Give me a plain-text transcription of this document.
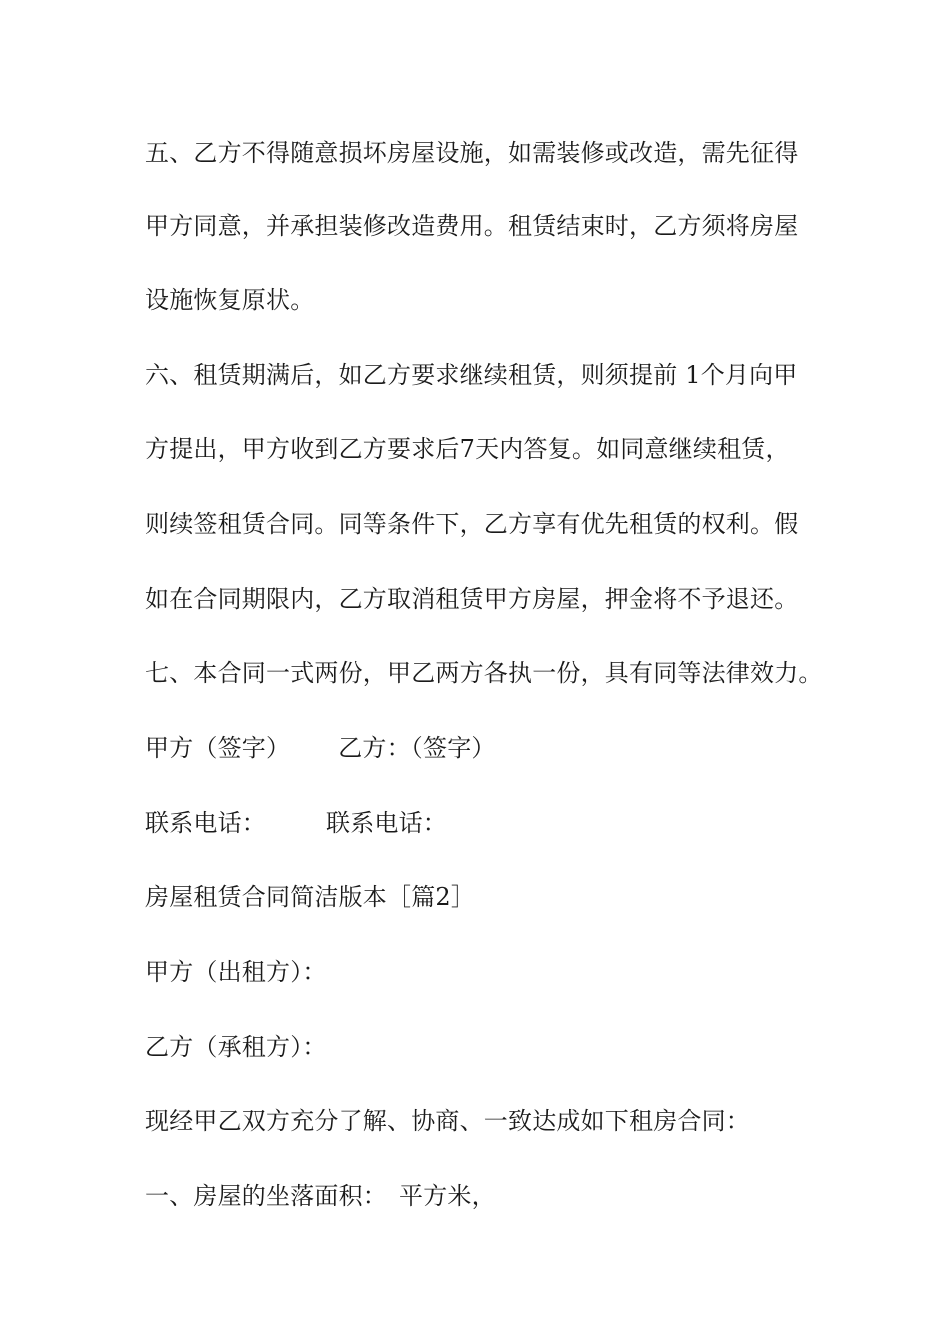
五、乙方不得随意损坏房屋设施，如需装修或改造，需先征得
甲方同意，并承担装修改造费用。租赁结束时，乙方须将房屋
设施恢复原状。
六、租赁期满后，如乙方要求继续租赁，则须提前 1个月向甲
方提出，甲方收到乙方要求后7天内答复。如同意继续租赁，
则续签租赁合同。同等条件下，乙方享有优先租赁的权利。假
如在合同期限内，乙方取消租赁甲方房屋，押金将不予退还。
七、本合同一式两份，甲乙两方各执一份，具有同等法律效力。
甲方（签字） 乙方：（签字）
联系电话：	联系电话：
房屋租赁合同简洁版本［篇2］
甲方（出租方）：
乙方（承租方）：
现经甲乙双方充分了解、协商、一致达成如下租房合同：
一、房屋的坐落面积： 平方米，
